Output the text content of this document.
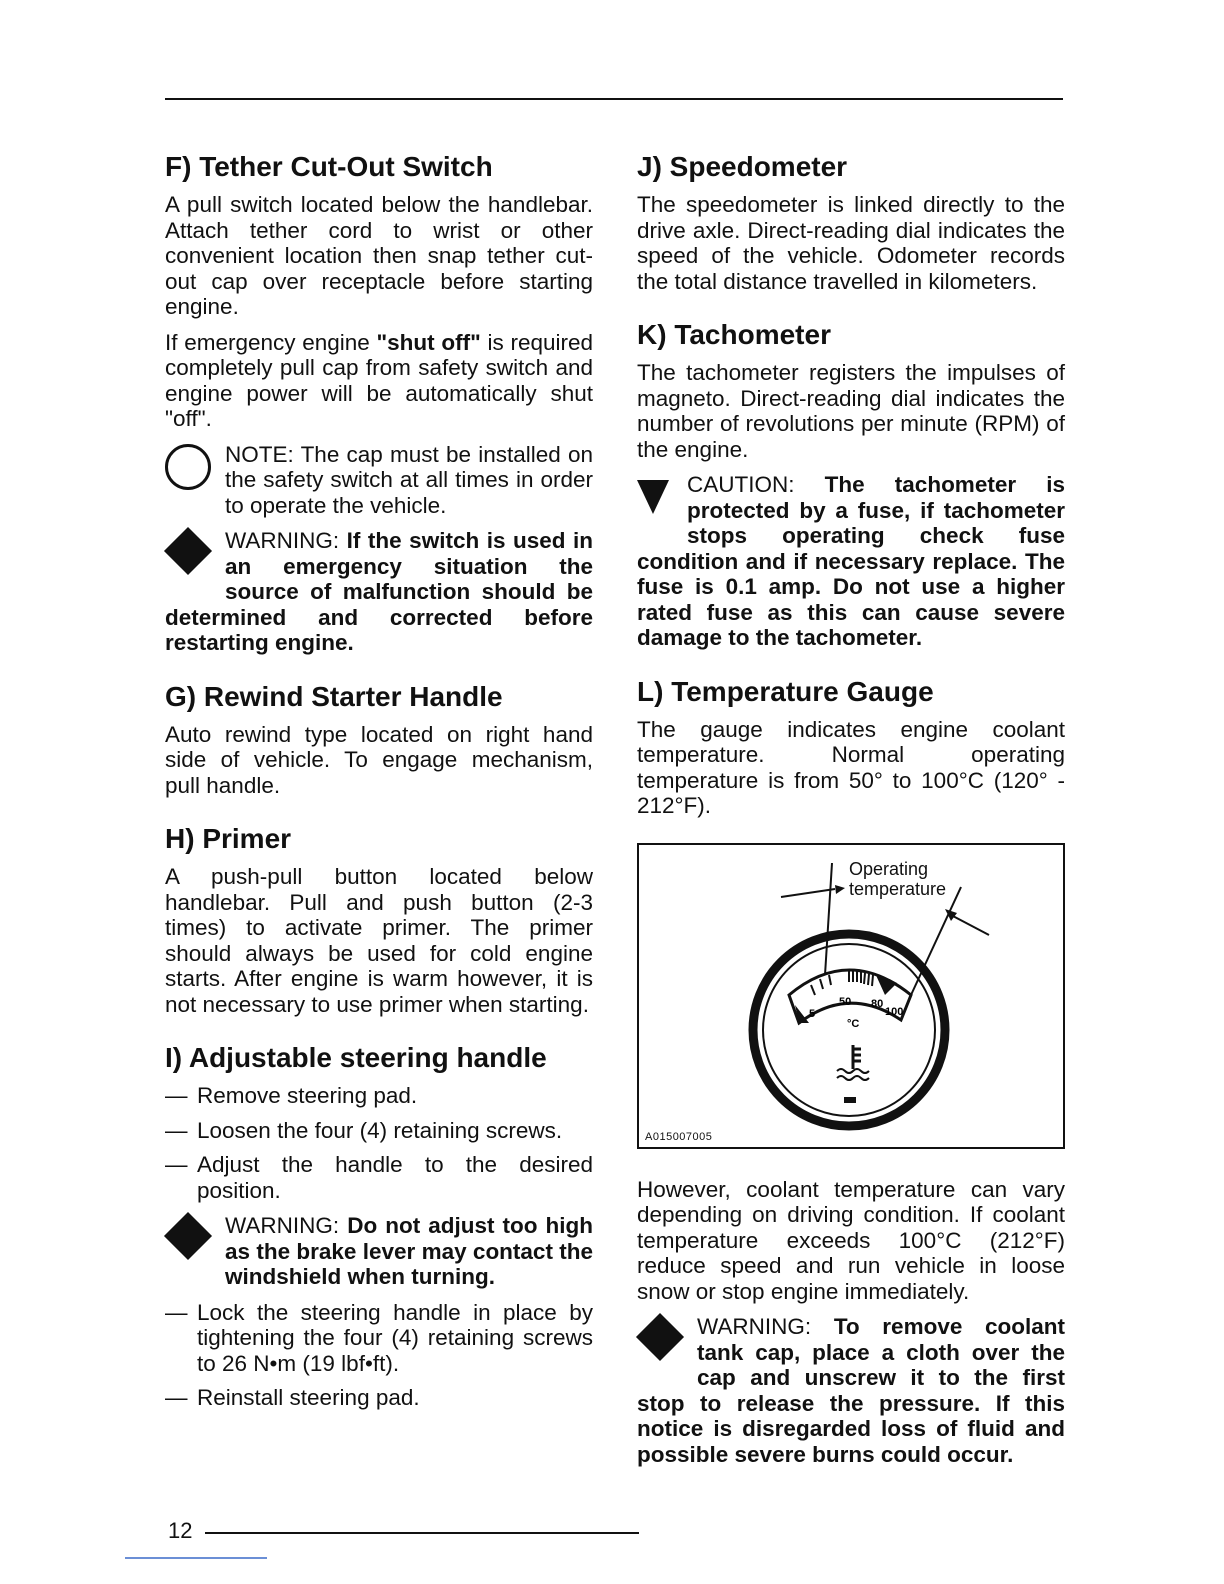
F) Tether Cut-Out Switch

A pull switch located below the handlebar. Attach tether cord to wrist or other convenient location then snap tether cut-out cap over receptacle before starting engine.

If emergency engine "shut off" is required completely pull cap from safety switch and engine power will be automatically shut "off".

NOTE: The cap must be installed on the safety switch at all times in order to operate the vehicle.
WARNING: If the switch is used in an emergency situation the source of malfunction should be determined and corrected before restarting engine.
G) Rewind Starter Handle

Auto rewind type located on right hand side of vehicle. To engage mechanism, pull handle.

H) Primer

A push-pull button located below handlebar. Pull and push button (2-3 times) to activate primer. The primer should always be used for cold engine starts. After engine is warm however, it is not necessary to use primer when starting.

I) Adjustable steering handle
— Remove steering pad.
— Loosen the four (4) retaining screws.
— Adjust the handle to the desired position.
WARNING: Do not adjust too high as the brake lever may contact the windshield when turning.
— Lock the steering handle in place by tightening the four (4) retaining screws to 26 N•m (19 lbf•ft).
— Reinstall steering pad.
J) Speedometer

The speedometer is linked directly to the drive axle. Direct-reading dial indicates the speed of the vehicle. Odometer records the total distance travelled in kilometers.

K) Tachometer

The tachometer registers the impulses of magneto. Direct-reading dial indicates the number of revolutions per minute (RPM) of the engine.

CAUTION: The tachometer is protected by a fuse, if tachometer stops operating check fuse condition and if necessary replace. The fuse is 0.1 amp. Do not use a higher rated fuse as this can cause severe damage to the tachometer.
L) Temperature Gauge

The gauge indicates engine coolant temperature. Normal operating temperature is from 50° to 100°C (120° - 212°F).

5
50 80
100
°C
Operating
temperature
A015007005

However, coolant temperature can vary depending on driving condition. If coolant temperature exceeds 100°C (212°F) reduce speed and run vehicle in loose snow or stop engine immediately.

WARNING: To remove coolant tank cap, place a cloth over the cap and unscrew it to the first stop to release the pressure. If this notice is disregarded loss of fluid and possible severe burns could occur.
12
